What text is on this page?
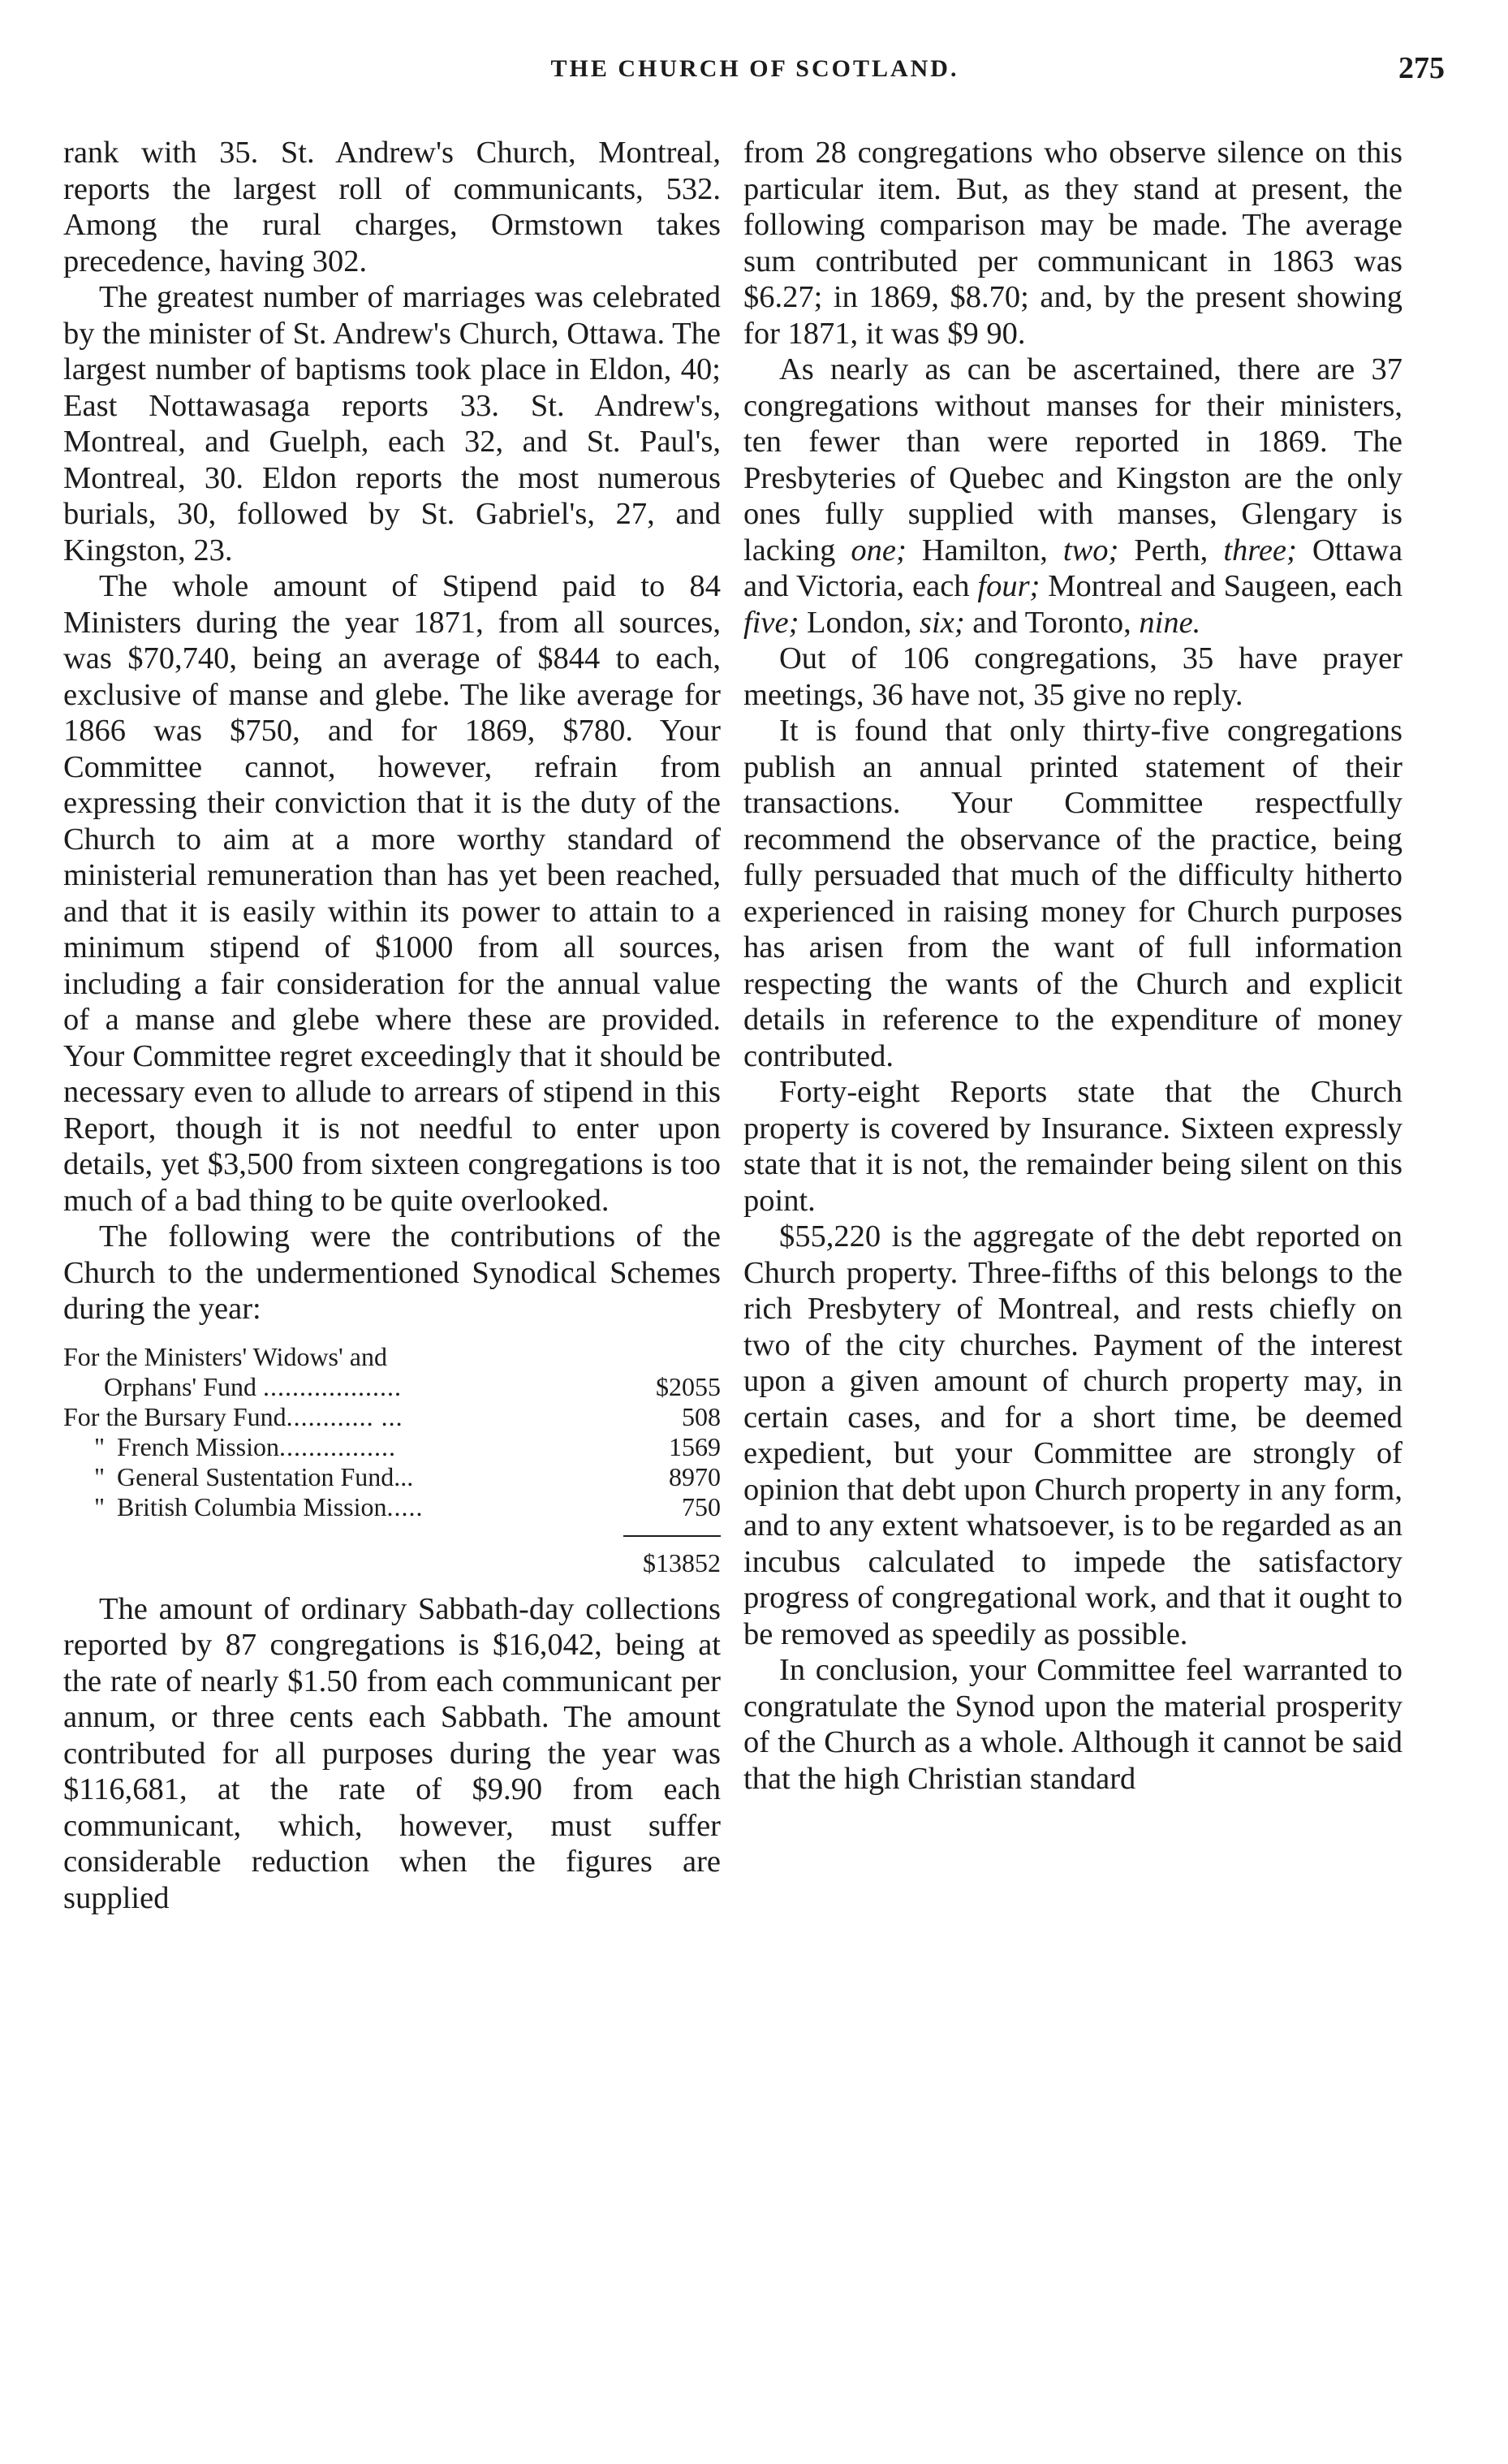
THE CHURCH OF SCOTLAND.	275

rank with 35. St. Andrew's Church, Montreal, reports the largest roll of communicants, 532. Among the rural charges, Ormstown takes precedence, having 302.

The greatest number of marriages was celebrated by the minister of St. Andrew's Church, Ottawa. The largest number of baptisms took place in Eldon, 40; East Nottawasaga reports 33. St. Andrew's, Montreal, and Guelph, each 32, and St. Paul's, Montreal, 30. Eldon reports the most numerous burials, 30, followed by St. Gabriel's, 27, and Kingston, 23.

The whole amount of Stipend paid to 84 Ministers during the year 1871, from all sources, was $70,740, being an average of $844 to each, exclusive of manse and glebe. The like average for 1866 was $750, and for 1869, $780. Your Committee cannot, however, refrain from expressing their conviction that it is the duty of the Church to aim at a more worthy standard of ministerial remuneration than has yet been reached, and that it is easily within its power to attain to a minimum stipend of $1000 from all sources, including a fair consideration for the annual value of a manse and glebe where these are provided. Your Committee regret exceedingly that it should be necessary even to allude to arrears of stipend in this Report, though it is not needful to enter upon details, yet $3,500 from sixteen congregations is too much of a bad thing to be quite overlooked.

The following were the contributions of the Church to the undermentioned Synodical Schemes during the year:

For the Ministers' Widows' and
Orphans' Fund ...................	$2055
For the Bursary Fund............ ...	508
" French Mission................	1569
" General Sustentation Fund...	8970
" British Columbia Mission.....	750
$13852

The amount of ordinary Sabbath-day collections reported by 87 congregations is $16,042, being at the rate of nearly $1.50 from each communicant per annum, or three cents each Sabbath. The amount contributed for all purposes during the year was $116,681, at the rate of $9.90 from each communicant, which, however, must suffer considerable reduction when the figures are supplied

from 28 congregations who observe silence on this particular item. But, as they stand at present, the following comparison may be made. The average sum contributed per communicant in 1863 was $6.27; in 1869, $8.70; and, by the present showing for 1871, it was $9 90.

As nearly as can be ascertained, there are 37 congregations without manses for their ministers, ten fewer than were reported in 1869. The Presbyteries of Quebec and Kingston are the only ones fully supplied with manses, Glengary is lacking one; Hamilton, two; Perth, three; Ottawa and Victoria, each four; Montreal and Saugeen, each five; London, six; and Toronto, nine.

Out of 106 congregations, 35 have prayer meetings, 36 have not, 35 give no reply.

It is found that only thirty-five congregations publish an annual printed statement of their transactions. Your Committee respectfully recommend the observance of the practice, being fully persuaded that much of the difficulty hitherto experienced in raising money for Church purposes has arisen from the want of full information respecting the wants of the Church and explicit details in reference to the expenditure of money contributed.

Forty-eight Reports state that the Church property is covered by Insurance. Sixteen expressly state that it is not, the remainder being silent on this point.

$55,220 is the aggregate of the debt reported on Church property. Three-fifths of this belongs to the rich Presbytery of Montreal, and rests chiefly on two of the city churches. Payment of the interest upon a given amount of church property may, in certain cases, and for a short time, be deemed expedient, but your Committee are strongly of opinion that debt upon Church property in any form, and to any extent whatsoever, is to be regarded as an incubus calculated to impede the satisfactory progress of congregational work, and that it ought to be removed as speedily as possible.

In conclusion, your Committee feel warranted to congratulate the Synod upon the material prosperity of the Church as a whole. Although it cannot be said that the high Christian standard
